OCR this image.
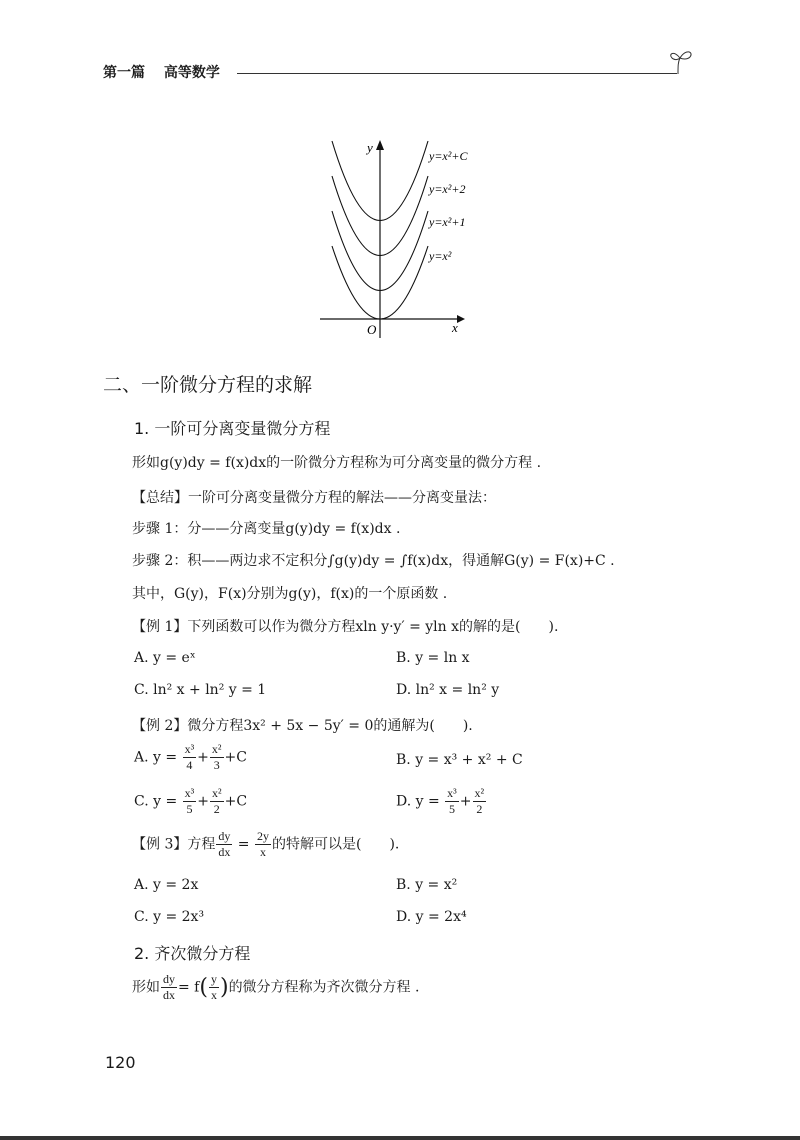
第一篇 高等数学
y
x
O
y=x²+C
y=x²+2
y=x²+1
y=x²
二、一阶微分方程的求解
1. 一阶可分离变量微分方程
形如g(y)dy = f(x)dx的一阶微分方程称为可分离变量的微分方程 .
【总结】一阶可分离变量微分方程的解法——分离变量法：
步骤 1：分——分离变量g(y)dy = f(x)dx .
步骤 2：积——两边求不定积分∫g(y)dy = ∫f(x)dx，得通解G(y) = F(x)+C .
其中，G(y)，F(x)分别为g(y)，f(x)的一个原函数 .
【例 1】下列函数可以作为微分方程xln y·y′ = yln x的解的是(　　).
A. y = eˣ	B. y = ln x
C. ln² x + ln² y = 1	D. ln² x = ln² y
【例 2】微分方程3x² + 5x − 5y′ = 0的通解为(　　).
A. $y = \frac{\text{x³}}{4} + \frac{\text{x²}}{3} +C$	B. y = x³ + x² + C
C. $y = \frac{\text{x³}}{5} + \frac{\text{x²}}{2} +C$	D. $y = \frac{\text{x³}}{5} + \frac{\text{x²}}{2}$
【例 3】方程 $\frac{dy}{dx} = \frac{2y}{x}$ 的特解可以是(　　).
A. y = 2x	B. y = x²
C. y = 2x³	D. y = 2x⁴
2. 齐次微分方程
形如 $\frac{dy}{dx} = f( \frac{y}{x}$ )的微分方程称为齐次微分方程 .
120
